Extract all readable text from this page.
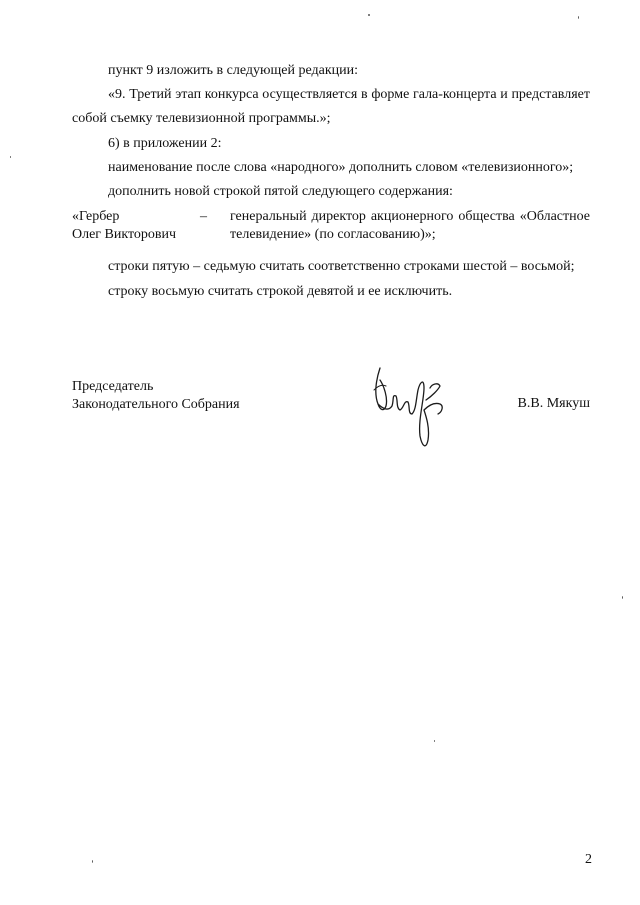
пункт 9 изложить в следующей редакции:
«9. Третий этап конкурса осуществляется в форме гала-концерта и представляет
собой съемку телевизионной программы.»;
6) в приложении 2:
наименование после слова «народного» дополнить словом «телевизионного»;
дополнить новой строкой пятой следующего содержания:
«Гербер
Олег Викторович
– генеральный директор акционерного общества «Областное
телевидение» (по согласованию)»;
строки пятую – седьмую считать соответственно строками шестой – восьмой;
строку восьмую считать строкой девятой и ее исключить.
Председатель
Законодательного Собрания	В.В. Мякуш
2
